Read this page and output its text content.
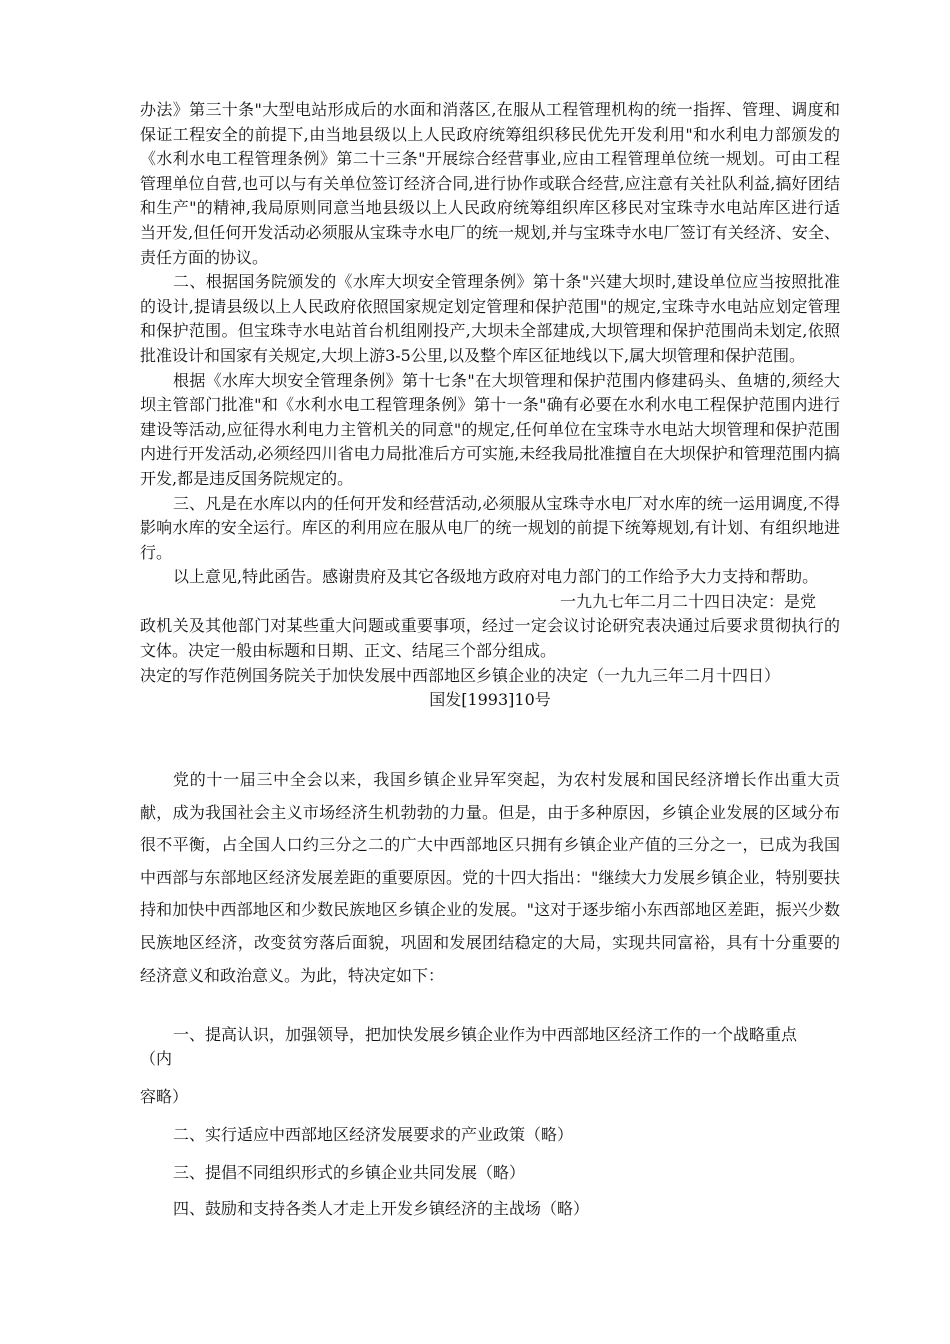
办法》第三十条"大型电站形成后的水面和消落区,在服从工程管理机构的统一指挥、管理、调度和保证工程安全的前提下,由当地县级以上人民政府统筹组织移民优先开发利用"和水利电力部颁发的《水利水电工程管理条例》第二十三条"开展综合经营事业,应由工程管理单位统一规划。可由工程管理单位自营,也可以与有关单位签订经济合同,进行协作或联合经营,应注意有关社队利益,搞好团结和生产"的精神,我局原则同意当地县级以上人民政府统筹组织库区移民对宝珠寺水电站库区进行适当开发,但任何开发活动必须服从宝珠寺水电厂的统一规划,并与宝珠寺水电厂签订有关经济、安全、责任方面的协议。

二、根据国务院颁发的《水库大坝安全管理条例》第十条"兴建大坝时,建设单位应当按照批准的设计,提请县级以上人民政府依照国家规定划定管理和保护范围"的规定,宝珠寺水电站应划定管理和保护范围。但宝珠寺水电站首台机组刚投产,大坝未全部建成,大坝管理和保护范围尚未划定,依照批准设计和国家有关规定,大坝上游3-5公里,以及整个库区征地线以下,属大坝管理和保护范围。

根据《水库大坝安全管理条例》第十七条"在大坝管理和保护范围内修建码头、鱼塘的,须经大坝主管部门批准"和《水利水电工程管理条例》第十一条"确有必要在水利水电工程保护范围内进行建设等活动,应征得水利电力主管机关的同意"的规定,任何单位在宝珠寺水电站大坝管理和保护范围内进行开发活动,必须经四川省电力局批准后方可实施,未经我局批准擅自在大坝保护和管理范围内搞开发,都是违反国务院规定的。

三、凡是在水库以内的任何开发和经营活动,必须服从宝珠寺水电厂对水库的统一运用调度,不得影响水库的安全运行。库区的利用应在服从电厂的统一规划的前提下统筹规划,有计划、有组织地进行。

以上意见,特此函告。感谢贵府及其它各级地方政府对电力部门的工作给予大力支持和帮助。

一九九七年二月二十四日决定：是党

政机关及其他部门对某些重大问题或重要事项，经过一定会议讨论研究表决通过后要求贯彻执行的文体。决定一般由标题和日期、正文、结尾三个部分组成。

决定的写作范例国务院关于加快发展中西部地区乡镇企业的决定（一九九三年二月十四日）

国发[1993]10号

党的十一届三中全会以来，我国乡镇企业异军突起，为农村发展和国民经济增长作出重大贡献，成为我国社会主义市场经济生机勃勃的力量。但是，由于多种原因，乡镇企业发展的区域分布很不平衡，占全国人口约三分之二的广大中西部地区只拥有乡镇企业产值的三分之一，已成为我国中西部与东部地区经济发展差距的重要原因。党的十四大指出："继续大力发展乡镇企业，特别要扶持和加快中西部地区和少数民族地区乡镇企业的发展。"这对于逐步缩小东西部地区差距，振兴少数民族地区经济，改变贫穷落后面貌，巩固和发展团结稳定的大局，实现共同富裕，具有十分重要的经济意义和政治意义。为此，特决定如下：

一、提高认识，加强领导，把加快发展乡镇企业作为中西部地区经济工作的一个战略重点

（内

容略）

二、实行适应中西部地区经济发展要求的产业政策（略）

三、提倡不同组织形式的乡镇企业共同发展（略）

四、鼓励和支持各类人才走上开发乡镇经济的主战场（略）
